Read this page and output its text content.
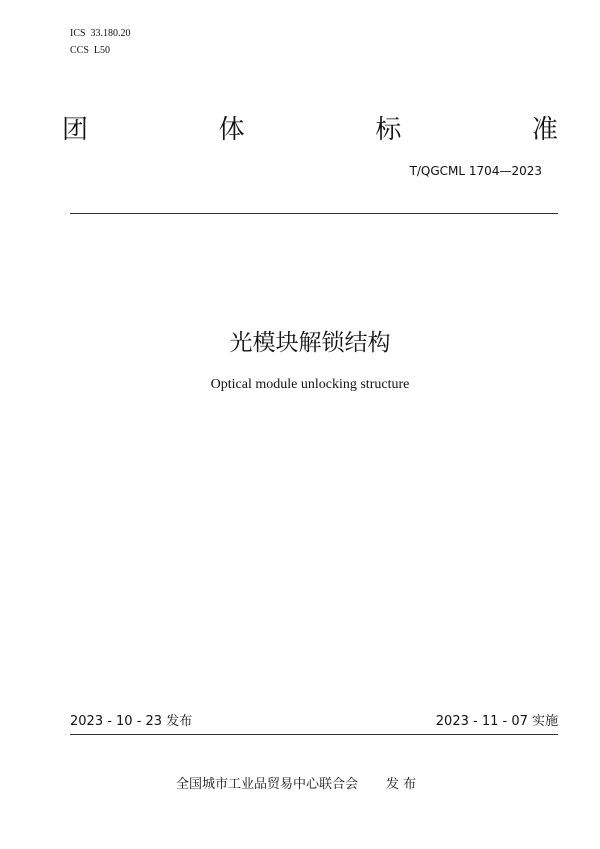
ICS  33.180.20
CCS  L50
团	体	标	准
T/QGCML 1704—2023
光模块解锁结构
Optical module unlocking structure
2023 - 10 - 23 发布	2023 - 11 - 07 实施
全国城市工业品贸易中心联合会 发 布
